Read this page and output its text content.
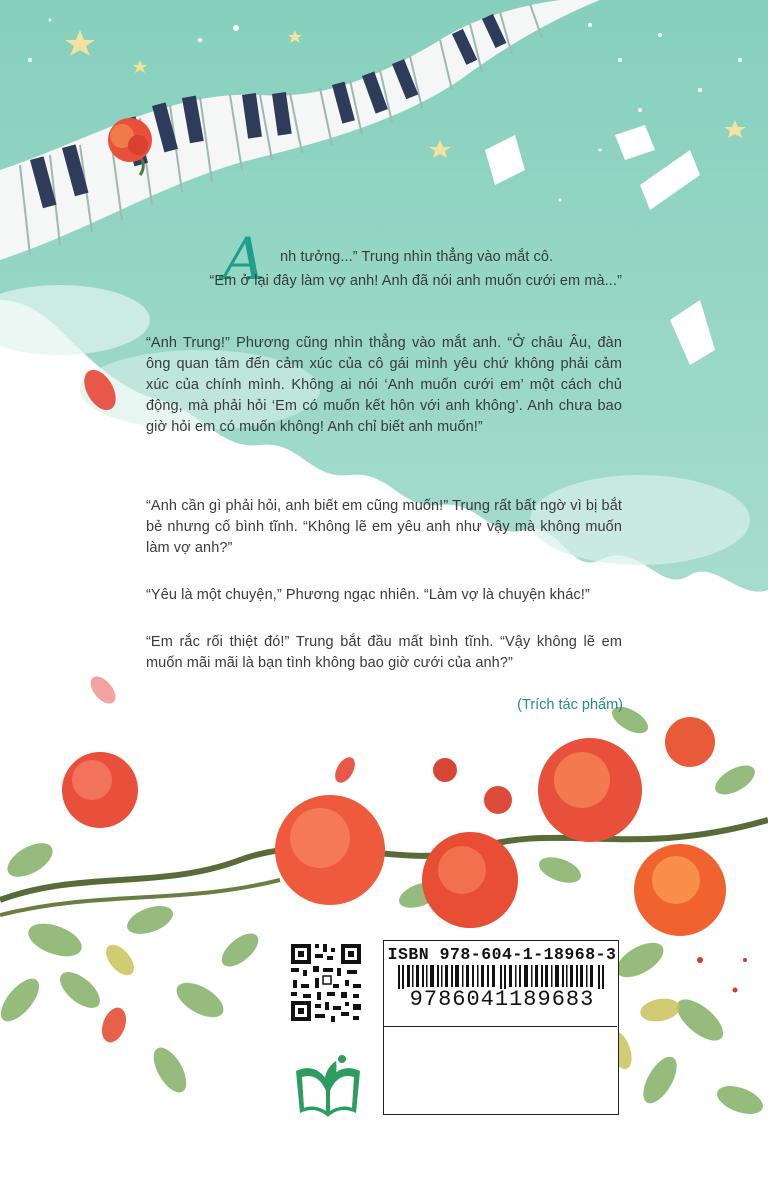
A nh tưởng...” Trung nhìn thẳng vào mắt cô.

“Em ở lại đây làm vợ anh! Anh đã nói anh muốn cưới em mà...”

“Anh Trung!” Phương cũng nhìn thẳng vào mắt anh. “Ở châu Âu, đàn ông quan tâm đến cảm xúc của cô gái mình yêu chứ không phải cảm xúc của chính mình. Không ai nói ‘Anh muốn cưới em’ một cách chủ động, mà phải hỏi ‘Em có muốn kết hôn với anh không’. Anh chưa bao giờ hỏi em có muốn không! Anh chỉ biết anh muốn!”

“Anh cần gì phải hỏi, anh biết em cũng muốn!” Trung rất bất ngờ vì bị bắt bẻ nhưng cố bình tĩnh. “Không lẽ em yêu anh như vậy mà không muốn làm vợ anh?”

“Yêu là một chuyện,” Phương ngạc nhiên. “Làm vợ là chuyện khác!”

“Em rắc rối thiệt đó!” Trung bắt đầu mất bình tĩnh. “Vậy không lẽ em muốn mãi mãi là bạn tình không bao giờ cưới của anh?”

(Trích tác phẩm)
ISBN 978-604-1-18968-3
9786041189683
